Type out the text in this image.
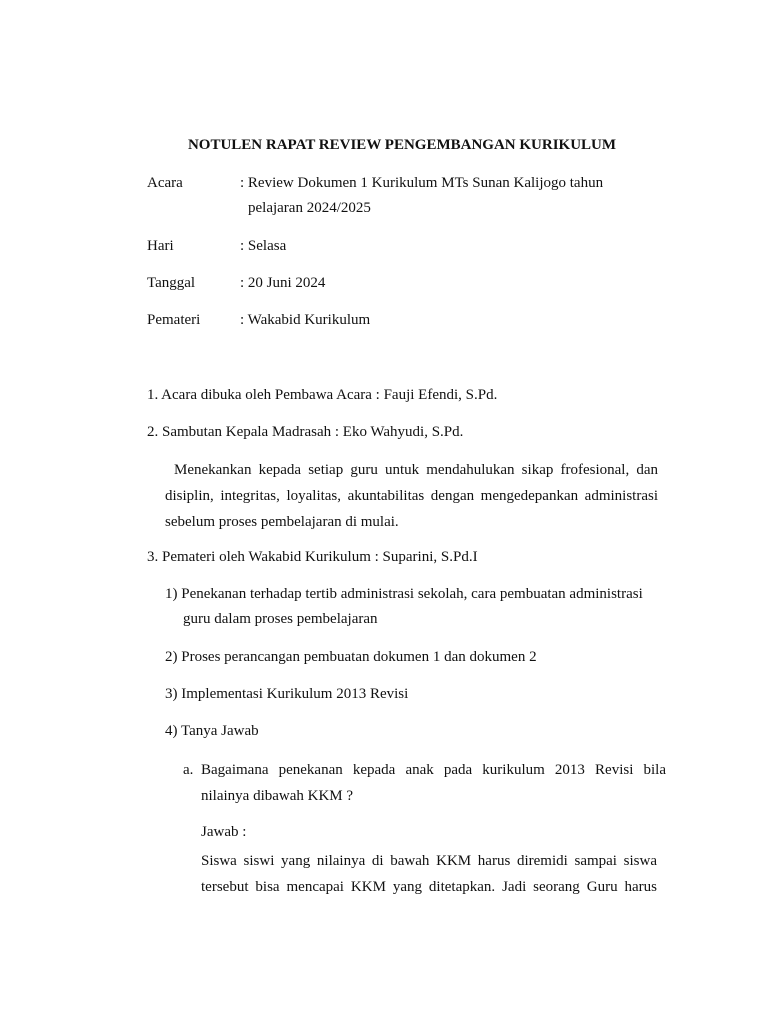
NOTULEN RAPAT REVIEW PENGEMBANGAN KURIKULUM
Acara	: Review Dokumen 1 Kurikulum MTs Sunan Kalijogo tahun
pelajaran 2024/2025
Hari	: Selasa
Tanggal	: 20 Juni 2024
Pemateri	: Wakabid Kurikulum
1. Acara dibuka oleh Pembawa Acara : Fauji Efendi, S.Pd.
2. Sambutan Kepala Madrasah : Eko Wahyudi, S.Pd.
Menekankan kepada setiap guru untuk mendahulukan sikap frofesional, dan
disiplin, integritas, loyalitas, akuntabilitas dengan mengedepankan administrasi
sebelum proses pembelajaran di mulai.
3. Pemateri oleh Wakabid Kurikulum : Suparini, S.Pd.I
1) Penekanan terhadap tertib administrasi sekolah, cara pembuatan administrasi
guru dalam proses pembelajaran
2) Proses perancangan pembuatan dokumen 1 dan dokumen 2
3) Implementasi Kurikulum 2013 Revisi
4) Tanya Jawab
a. Bagaimana penekanan kepada anak pada kurikulum 2013 Revisi bila
nilainya dibawah KKM ?
Jawab :
Siswa siswi yang nilainya di bawah KKM harus diremidi sampai siswa
tersebut bisa mencapai KKM yang ditetapkan. Jadi seorang Guru harus
